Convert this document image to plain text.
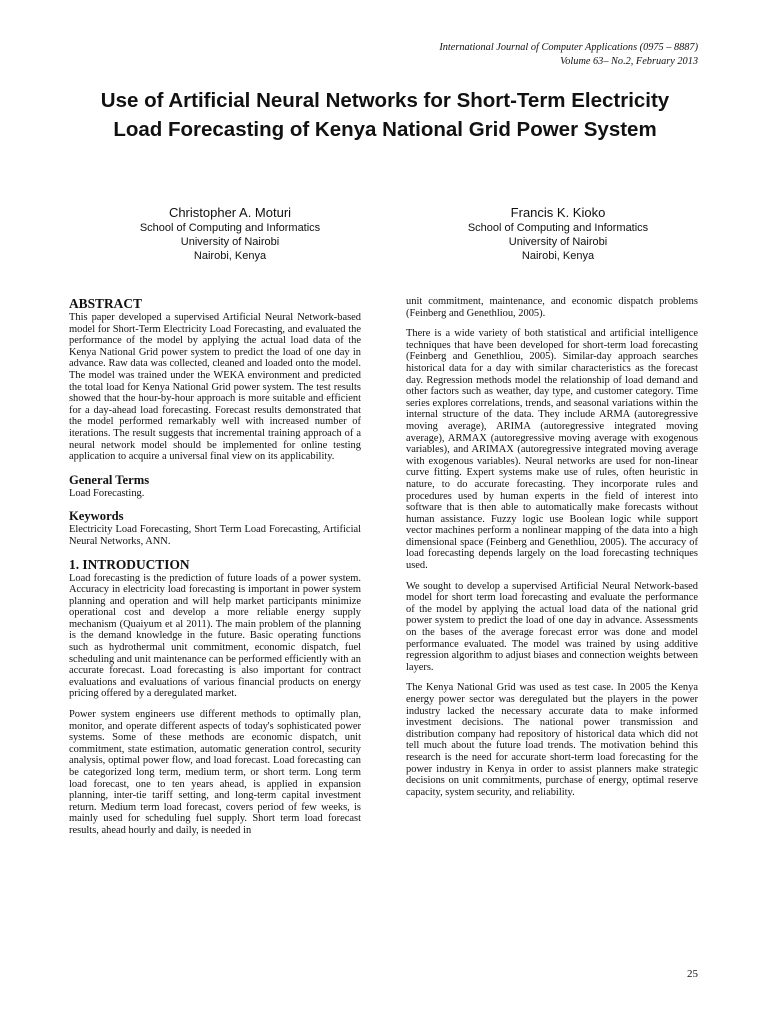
International Journal of Computer Applications (0975 – 8887)
Volume 63– No.2, February 2013
Use of Artificial Neural Networks for Short-Term Electricity Load Forecasting of Kenya National Grid Power System
Christopher A. Moturi
School of Computing and Informatics
University of Nairobi
Nairobi, Kenya
Francis K. Kioko
School of Computing and Informatics
University of Nairobi
Nairobi, Kenya
ABSTRACT

This paper developed a supervised Artificial Neural Network-based model for Short-Term Electricity Load Forecasting, and evaluated the performance of the model by applying the actual load data of the Kenya National Grid power system to predict the load of one day in advance. Raw data was collected, cleaned and loaded onto the model. The model was trained under the WEKA environment and predicted the total load for Kenya National Grid power system. The test results showed that the hour-by-hour approach is more suitable and efficient for a day-ahead load forecasting. Forecast results demonstrated that the model performed remarkably well with increased number of iterations. The result suggests that incremental training approach of a neural network model should be implemented for online testing application to acquire a universal final view on its applicability.

General Terms

Load Forecasting.

Keywords

Electricity Load Forecasting, Short Term Load Forecasting, Artificial Neural Networks, ANN.

1. INTRODUCTION

Load forecasting is the prediction of future loads of a power system. Accuracy in electricity load forecasting is important in power system planning and operation and will help market participants minimize operational cost and develop a more reliable energy supply mechanism (Quaiyum et al 2011). The main problem of the planning is the demand knowledge in the future. Basic operating functions such as hydrothermal unit commitment, economic dispatch, fuel scheduling and unit maintenance can be performed efficiently with an accurate forecast. Load forecasting is also important for contract evaluations and evaluations of various financial products on energy pricing offered by a deregulated market.

Power system engineers use different methods to optimally plan, monitor, and operate different aspects of today's sophisticated power systems. Some of these methods are economic dispatch, unit commitment, state estimation, automatic generation control, security analysis, optimal power flow, and load forecast. Load forecasting can be categorized long term, medium term, or short term. Long term load forecast, one to ten years ahead, is applied in expansion planning, inter-tie tariff setting, and long-term capital investment return. Medium term load forecast, covers period of few weeks, is mainly used for scheduling fuel supply. Short term load forecast results, ahead hourly and daily, is needed in

unit commitment, maintenance, and economic dispatch problems (Feinberg and Genethliou, 2005).

There is a wide variety of both statistical and artificial intelligence techniques that have been developed for short-term load forecasting (Feinberg and Genethliou, 2005). Similar-day approach searches historical data for a day with similar characteristics as the forecast day. Regression methods model the relationship of load demand and other factors such as weather, day type, and customer category. Time series explores correlations, trends, and seasonal variations within the internal structure of the data. They include ARMA (autoregressive moving average), ARIMA (autoregressive integrated moving average), ARMAX (autoregressive moving average with exogenous variables), and ARIMAX (autoregressive integrated moving average with exogenous variables). Neural networks are used for non-linear curve fitting. Expert systems make use of rules, often heuristic in nature, to do accurate forecasting. They incorporate rules and procedures used by human experts in the field of interest into software that is then able to automatically make forecasts without human assistance. Fuzzy logic use Boolean logic while support vector machines perform a nonlinear mapping of the data into a high dimensional space (Feinberg and Genethliou, 2005). The accuracy of load forecasting depends largely on the load forecasting techniques used.

We sought to develop a supervised Artificial Neural Network-based model for short term load forecasting and evaluate the performance of the model by applying the actual load data of the national grid power system to predict the load of one day in advance. Assessments on the bases of the average forecast error was done and model performance evaluated. The model was trained by using additive regression algorithm to adjust biases and connection weights between layers.

The Kenya National Grid was used as test case. In 2005 the Kenya energy power sector was deregulated but the players in the power industry lacked the necessary accurate data to make informed investment decisions. The national power transmission and distribution company had repository of historical data which did not tell much about the future load trends. The motivation behind this research is the need for accurate short-term load forecasting for the power industry in Kenya in order to assist planners make strategic decisions on unit commitments, purchase of energy, optimal reserve capacity, system security, and reliability.

25
